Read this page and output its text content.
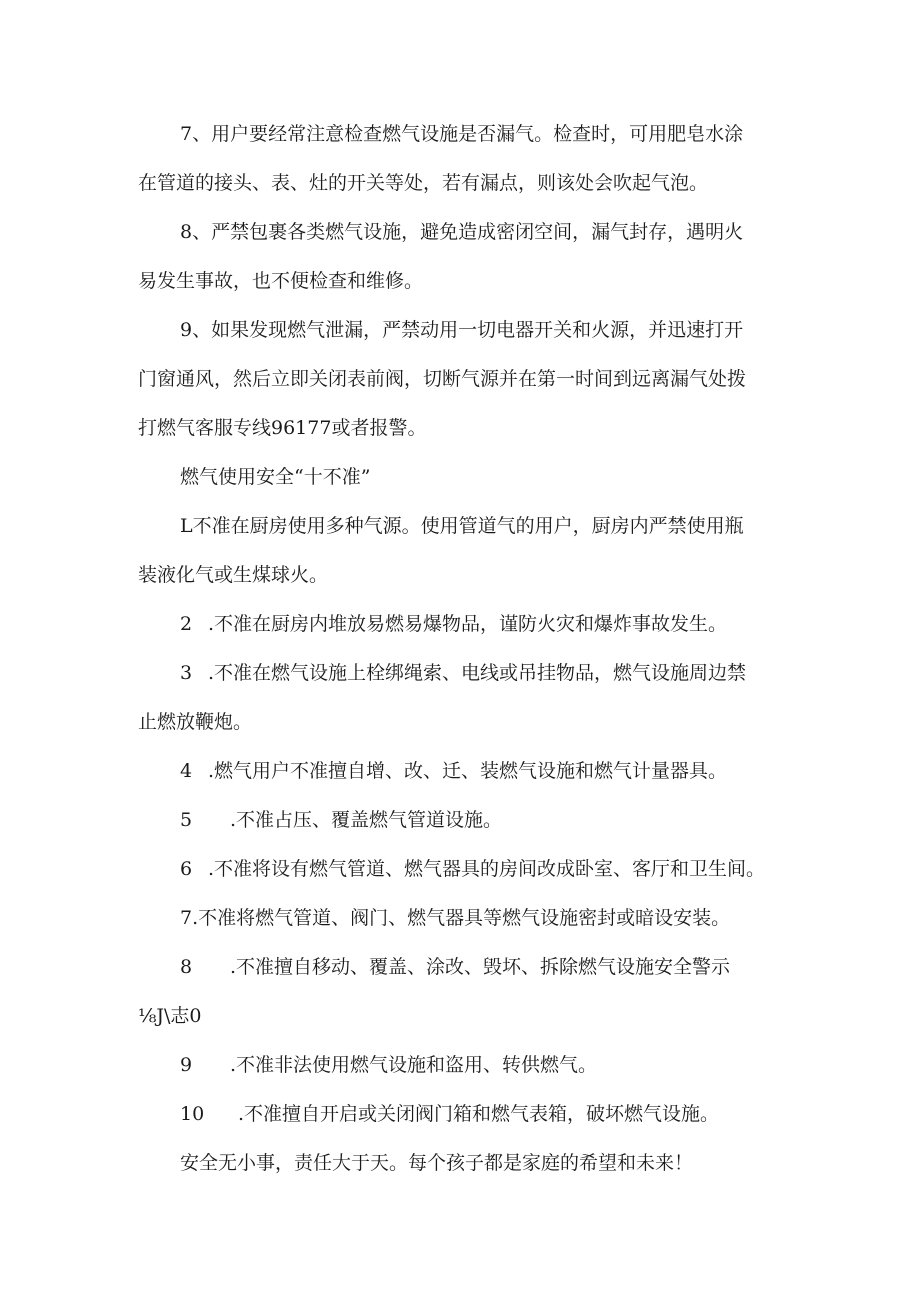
7、用户要经常注意检查燃气设施是否漏气。检查时，可用肥皂水涂
在管道的接头、表、灶的开关等处，若有漏点，则该处会吹起气泡。
8、严禁包裹各类燃气设施，避免造成密闭空间，漏气封存，遇明火
易发生事故，也不便检查和维修。
9、如果发现燃气泄漏，严禁动用一切电器开关和火源，并迅速打开
门窗通风，然后立即关闭表前阀，切断气源并在第一时间到远离漏气处拨
打燃气客服专线96177或者报警。
燃气使用安全“十不准”
L不准在厨房使用多种气源。使用管道气的用户，厨房内严禁使用瓶
装液化气或生煤球火。
2 .不准在厨房内堆放易燃易爆物品，谨防火灾和爆炸事故发生。
3 .不准在燃气设施上栓绑绳索、电线或吊挂物品，燃气设施周边禁
止燃放鞭炮。
4 .燃气用户不准擅自增、改、迁、装燃气设施和燃气计量器具。
5 .不准占压、覆盖燃气管道设施。
6 .不准将设有燃气管道、燃气器具的房间改成卧室、客厅和卫生间。
7.不准将燃气管道、阀门、燃气器具等燃气设施密封或暗设安装。
8 .不准擅自移动、覆盖、涂改、毁坏、拆除燃气设施安全警示
⅛J\志0
9 .不准非法使用燃气设施和盗用、转供燃气。
10 .不准擅自开启或关闭阀门箱和燃气表箱，破坏燃气设施。
安全无小事，责任大于天。每个孩子都是家庭的希望和未来！
